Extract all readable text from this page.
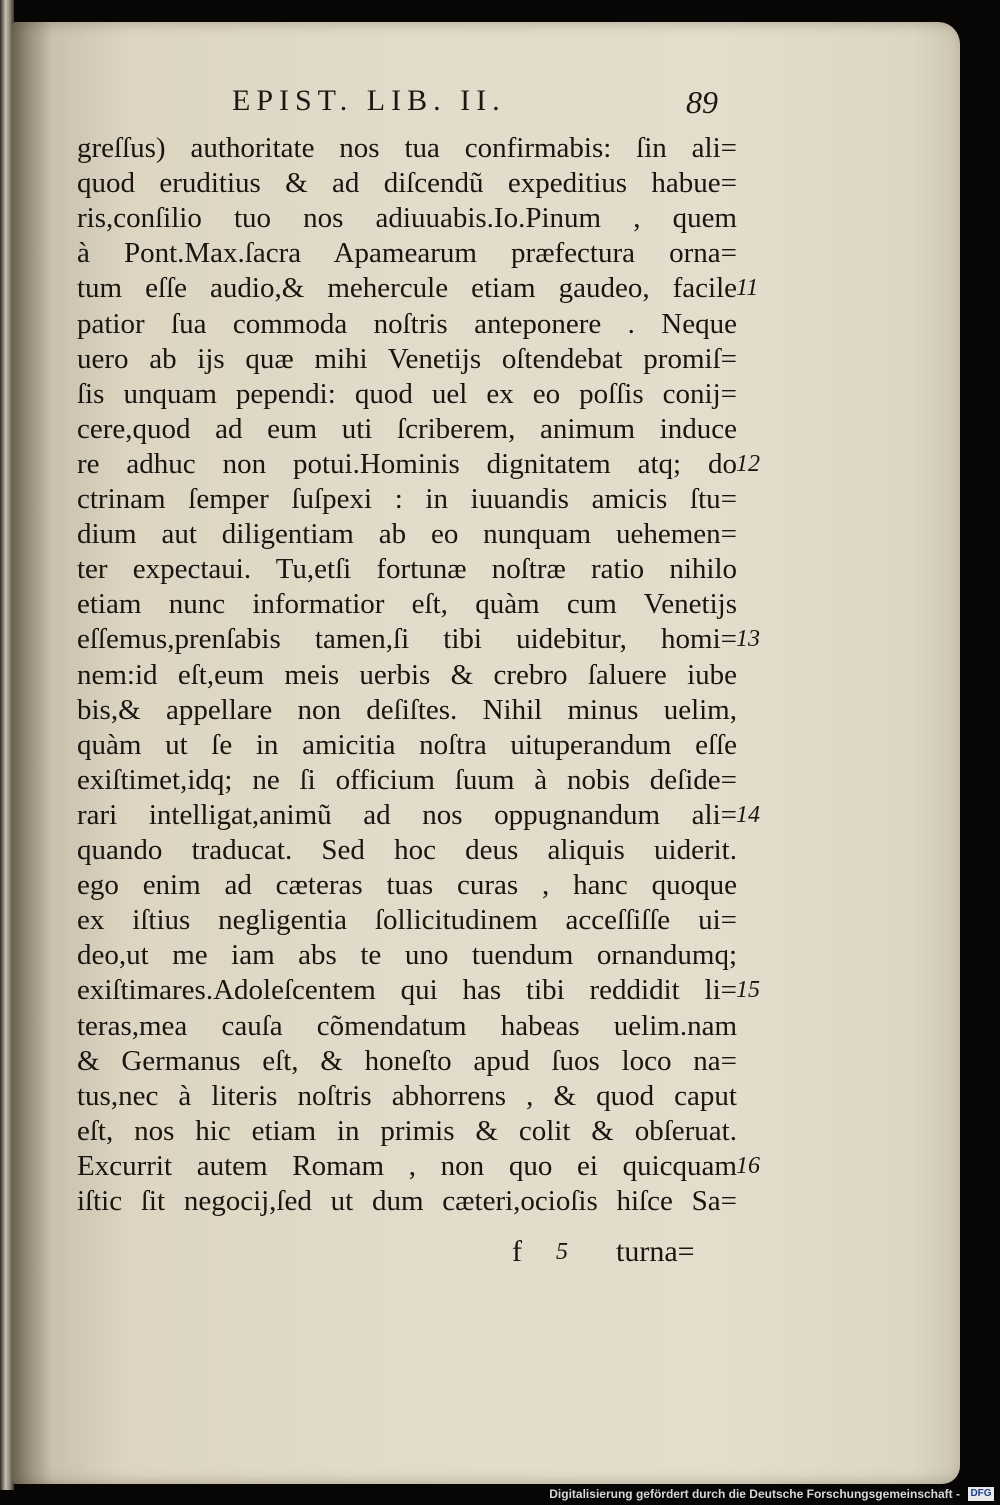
EPIST. LIB. II.	89
greſſus) authoritate nos tua confirmabis: ſin ali=
quod eruditius & ad diſcendũ expeditius habue=
ris,conſilio tuo nos adiuuabis.Io.Pinum , quem
à Pont.Max.ſacra Apamearum præfectura orna=
tum eſſe audio,& mehercule etiam gaudeo, facile
patior ſua commoda noſtris anteponere . Neque
uero ab ijs quæ mihi Venetijs oſtendebat promiſ=
ſis unquam pependi: quod uel ex eo poſſis conij=
cere,quod ad eum uti ſcriberem, animum induce
re adhuc non potui.Hominis dignitatem atq; do
ctrinam ſemper ſuſpexi : in iuuandis amicis ſtu=
dium aut diligentiam ab eo nunquam uehemen=
ter expectaui. Tu,etſi fortunæ noſtræ ratio nihilo
etiam nunc informatior eſt, quàm cum Venetijs
eſſemus,prenſabis tamen,ſi tibi uidebitur, homi=
nem:id eſt,eum meis uerbis & crebro ſaluere iube
bis,& appellare non deſiſtes. Nihil minus uelim,
quàm ut ſe in amicitia noſtra uituperandum eſſe
exiſtimet,idq; ne ſi officium ſuum à nobis deſide=
rari intelligat,animũ ad nos oppugnandum ali=
quando traducat. Sed hoc deus aliquis uiderit.
ego enim ad cæteras tuas curas , hanc quoque
ex iſtius negligentia ſollicitudinem acceſſiſſe ui=
deo,ut me iam abs te uno tuendum ornandumq;
exiſtimares.Adoleſcentem qui has tibi reddidit li=
teras,mea cauſa cõmendatum habeas uelim.nam
& Germanus eſt, & honeſto apud ſuos loco na=
tus,nec à literis noſtris abhorrens , & quod caput
eſt, nos hic etiam in primis & colit & obſeruat.
Excurrit autem Romam , non quo ei quicquam
iſtic ſit negocij,ſed ut dum cæteri,ocioſis hiſce Sa=
11
12
13
14
15
16
f 5 turna=
Digitalisierung gefördert durch die Deutsche Forschungsgemeinschaft - DFG
